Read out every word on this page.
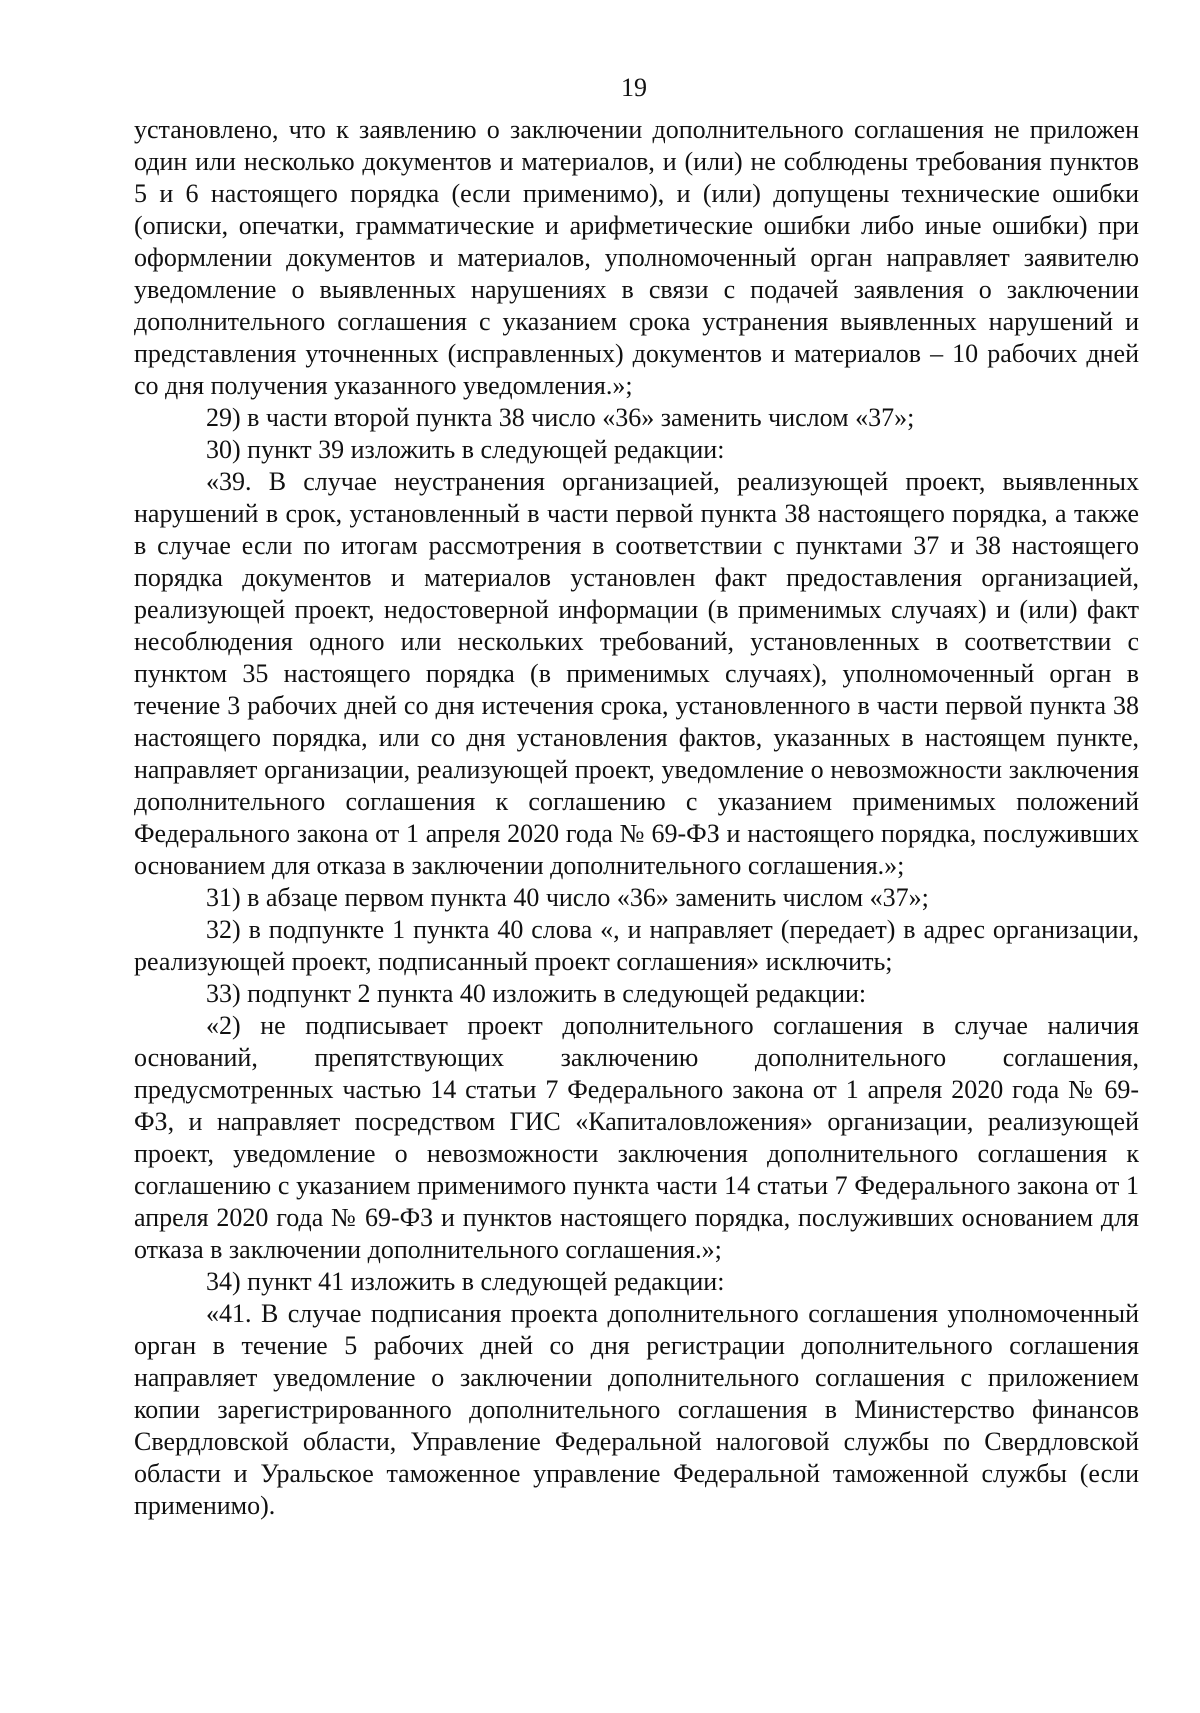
19

установлено, что к заявлению о заключении дополнительного соглашения не приложен один или несколько документов и материалов, и (или) не соблюдены требования пунктов 5 и 6 настоящего порядка (если применимо), и (или) допущены технические ошибки (описки, опечатки, грамматические и арифметические ошибки либо иные ошибки) при оформлении документов и материалов, уполномоченный орган направляет заявителю уведомление о выявленных нарушениях в связи с подачей заявления о заключении дополнительного соглашения с указанием срока устранения выявленных нарушений и представления уточненных (исправленных) документов и материалов – 10 рабочих дней со дня получения указанного уведомления.»;

29) в части второй пункта 38 число «36» заменить числом «37»;

30) пункт 39 изложить в следующей редакции:

«39. В случае неустранения организацией, реализующей проект, выявленных нарушений в срок, установленный в части первой пункта 38 настоящего порядка, а также в случае если по итогам рассмотрения в соответствии с пунктами 37 и 38 настоящего порядка документов и материалов установлен факт предоставления организацией, реализующей проект, недостоверной информации (в применимых случаях) и (или) факт несоблюдения одного или нескольких требований, установленных в соответствии с пунктом 35 настоящего порядка (в применимых случаях), уполномоченный орган в течение 3 рабочих дней со дня истечения срока, установленного в части первой пункта 38 настоящего порядка, или со дня установления фактов, указанных в настоящем пункте, направляет организации, реализующей проект, уведомление о невозможности заключения дополнительного соглашения к соглашению с указанием применимых положений Федерального закона от 1 апреля 2020 года № 69-ФЗ и настоящего порядка, послуживших основанием для отказа в заключении дополнительного соглашения.»;

31) в абзаце первом пункта 40 число «36» заменить числом «37»;

32) в подпункте 1 пункта 40 слова «, и направляет (передает) в адрес организации, реализующей проект, подписанный проект соглашения» исключить;

33) подпункт 2 пункта 40 изложить в следующей редакции:

«2) не подписывает проект дополнительного соглашения в случае наличия оснований, препятствующих заключению дополнительного соглашения, предусмотренных частью 14 статьи 7 Федерального закона от 1 апреля 2020 года № 69-ФЗ, и направляет посредством ГИС «Капиталовложения» организации, реализующей проект, уведомление о невозможности заключения дополнительного соглашения к соглашению с указанием применимого пункта части 14 статьи 7 Федерального закона от 1 апреля 2020 года № 69-ФЗ и пунктов настоящего порядка, послуживших основанием для отказа в заключении дополнительного соглашения.»;

34) пункт 41 изложить в следующей редакции:

«41. В случае подписания проекта дополнительного соглашения уполномоченный орган в течение 5 рабочих дней со дня регистрации дополнительного соглашения направляет уведомление о заключении дополнительного соглашения с приложением копии зарегистрированного дополнительного соглашения в Министерство финансов Свердловской области, Управление Федеральной налоговой службы по Свердловской области и Уральское таможенное управление Федеральной таможенной службы (если применимо).
